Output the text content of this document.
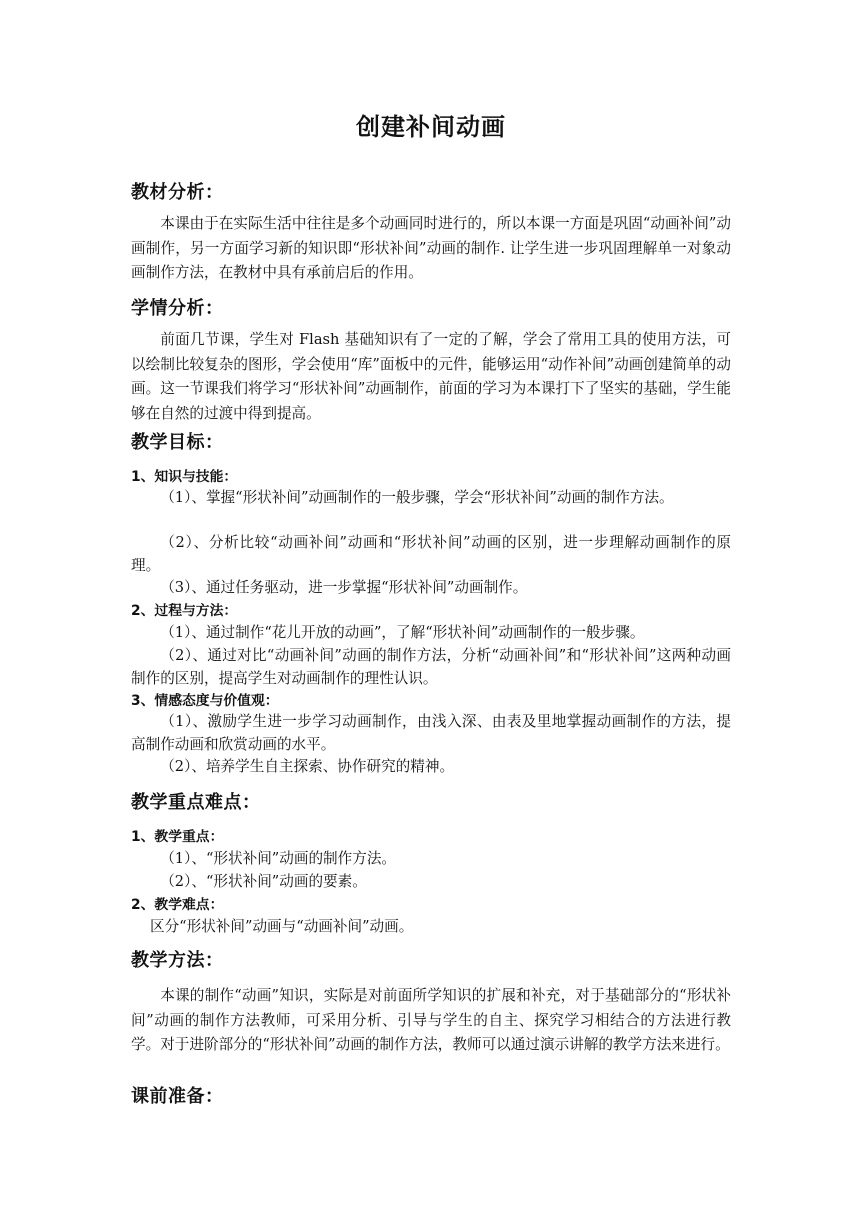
创建补间动画
教材分析：

本课由于在实际生活中往往是多个动画同时进行的，所以本课一方面是巩固“动画补间”动画制作，另一方面学习新的知识即“形状补间”动画的制作. 让学生进一步巩固理解单一对象动画制作方法，在教材中具有承前启后的作用。

学情分析：

前面几节课，学生对 Flash 基础知识有了一定的了解，学会了常用工具的使用方法，可以绘制比较复杂的图形，学会使用“库”面板中的元件，能够运用“动作补间”动画创建简单的动画。这一节课我们将学习“形状补间”动画制作，前面的学习为本课打下了坚实的基础，学生能够在自然的过渡中得到提高。

教学目标：

1、知识与技能：

（1）、掌握“形状补间”动画制作的一般步骤，学会“形状补间”动画的制作方法。

（2）、分析比较“动画补间”动画和“形状补间”动画的区别，进一步理解动画制作的原理。

（3）、通过任务驱动，进一步掌握“形状补间”动画制作。

2、过程与方法：

（1）、通过制作“花儿开放的动画”，了解“形状补间”动画制作的一般步骤。

（2）、通过对比“动画补间”动画的制作方法，分析“动画补间”和“形状补间”这两种动画制作的区别，提高学生对动画制作的理性认识。

3、情感态度与价值观：

（1）、激励学生进一步学习动画制作，由浅入深、由表及里地掌握动画制作的方法，提高制作动画和欣赏动画的水平。

（2）、培养学生自主探索、协作研究的精神。

教学重点难点：

1、教学重点：

（1）、“形状补间”动画的制作方法。

（2）、“形状补间”动画的要素。

2、教学难点：

区分“形状补间”动画与“动画补间”动画。

教学方法：

本课的制作“动画”知识，实际是对前面所学知识的扩展和补充，对于基础部分的“形状补间”动画的制作方法教师，可采用分析、引导与学生的自主、探究学习相结合的方法进行教学。对于进阶部分的“形状补间”动画的制作方法，教师可以通过演示讲解的教学方法来进行。

课前准备：
